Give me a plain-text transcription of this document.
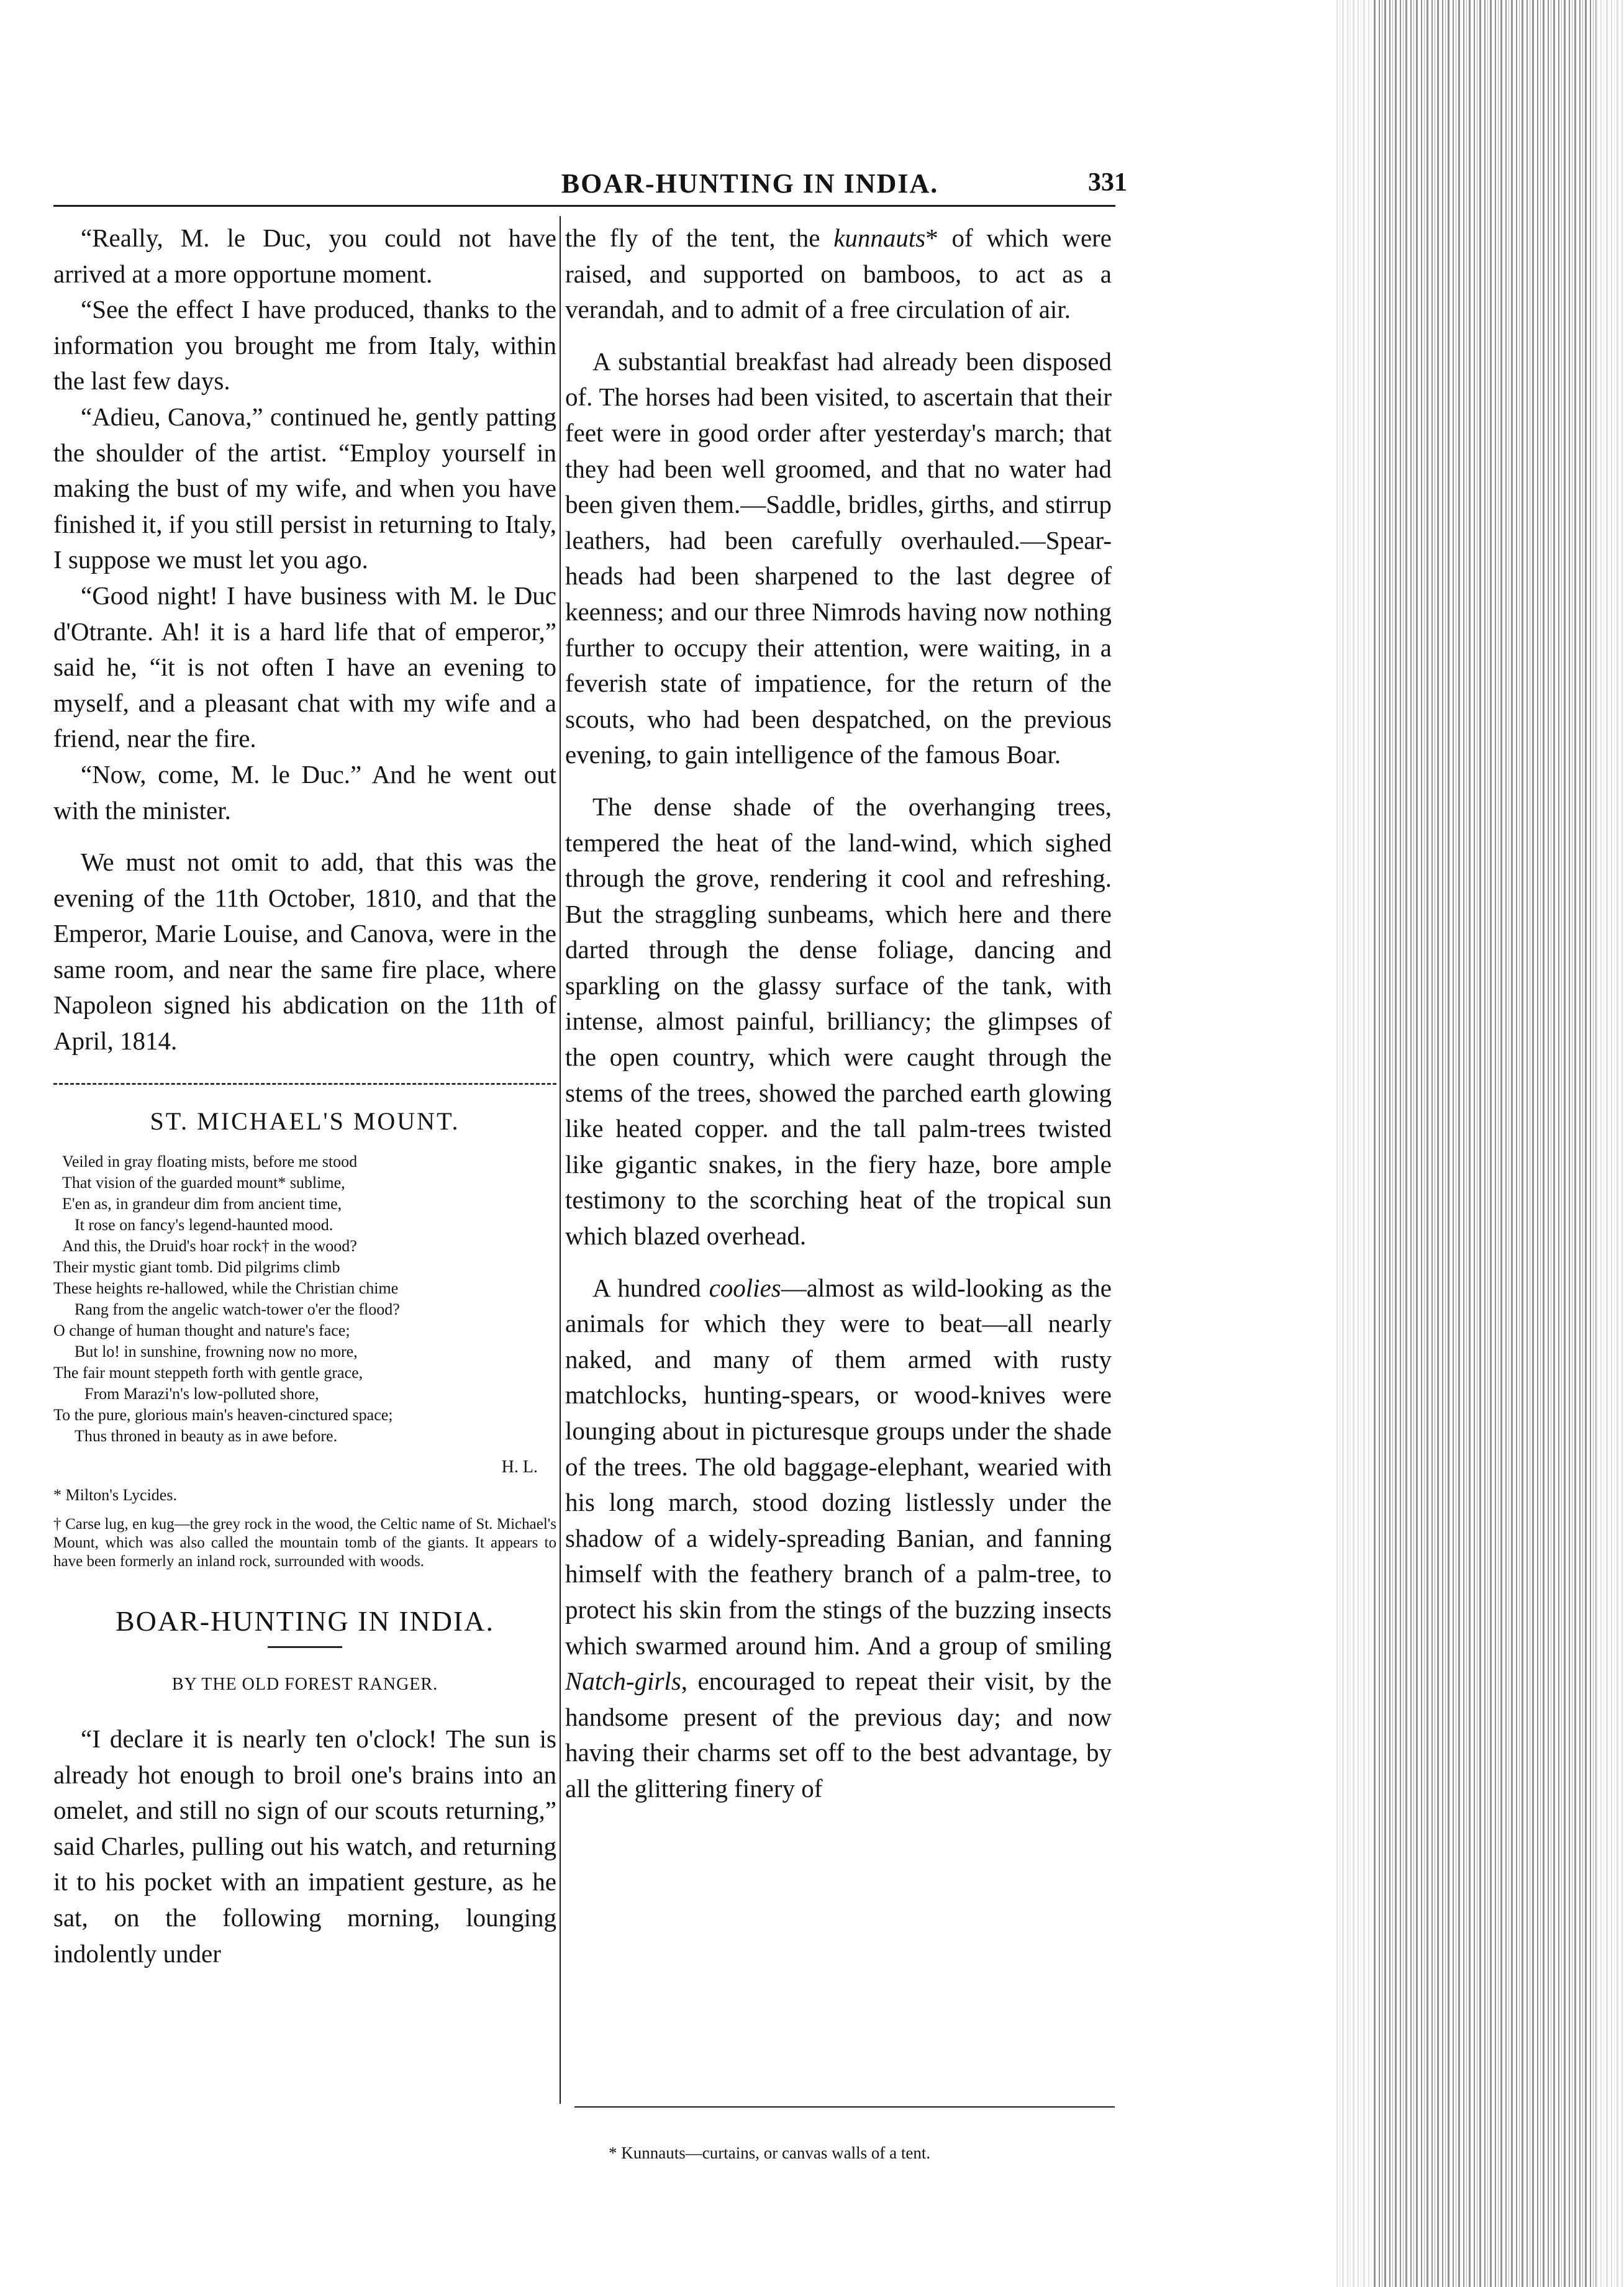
BOAR-HUNTING IN INDIA.	331

“Really, M. le Duc, you could not have arrived at a more opportune moment.

“See the effect I have produced, thanks to the information you brought me from Italy, within the last few days.

“Adieu, Canova,” continued he, gently patting the shoulder of the artist. “Employ yourself in making the bust of my wife, and when you have finished it, if you still persist in returning to Italy, I suppose we must let you ago.

“Good night! I have business with M. le Duc d'Otrante. Ah! it is a hard life that of emperor,” said he, “it is not often I have an evening to myself, and a pleasant chat with my wife and a friend, near the fire.

“Now, come, M. le Duc.” And he went out with the minister.

We must not omit to add, that this was the evening of the 11th October, 1810, and that the Emperor, Marie Louise, and Canova, were in the same room, and near the same fire place, where Napoleon signed his abdication on the 11th of April, 1814.

ST. MICHAEL'S MOUNT.
Veiled in gray floating mists, before me stood
That vision of the guarded mount* sublime,
E'en as, in grandeur dim from ancient time,
It rose on fancy's legend-haunted mood.
And this, the Druid's hoar rock† in the wood?
Their mystic giant tomb. Did pilgrims climb
These heights re-hallowed, while the Christian chime
Rang from the angelic watch-tower o'er the flood?
O change of human thought and nature's face;
But lo! in sunshine, frowning now no more,
The fair mount steppeth forth with gentle grace,
From Marazi'n's low-polluted shore,
To the pure, glorious main's heaven-cinctured space;
Thus throned in beauty as in awe before.
H. L.
* Milton's Lycides.
† Carse lug, en kug—the grey rock in the wood, the Celtic name of St. Michael's Mount, which was also called the mountain tomb of the giants. It appears to have been formerly an inland rock, surrounded with woods.
BOAR-HUNTING IN INDIA.
BY THE OLD FOREST RANGER.

“I declare it is nearly ten o'clock! The sun is already hot enough to broil one's brains into an omelet, and still no sign of our scouts returning,” said Charles, pulling out his watch, and returning it to his pocket with an impatient gesture, as he sat, on the following morning, lounging indolently under

the fly of the tent, the kunnauts* of which were raised, and supported on bamboos, to act as a verandah, and to admit of a free circulation of air.

A substantial breakfast had already been disposed of. The horses had been visited, to ascertain that their feet were in good order after yesterday's march; that they had been well groomed, and that no water had been given them.—Saddle, bridles, girths, and stirrup leathers, had been carefully overhauled.—Spear-heads had been sharpened to the last degree of keenness; and our three Nimrods having now nothing further to occupy their attention, were waiting, in a feverish state of impatience, for the return of the scouts, who had been despatched, on the previous evening, to gain intelligence of the famous Boar.

The dense shade of the overhanging trees, tempered the heat of the land-wind, which sighed through the grove, rendering it cool and refreshing. But the straggling sunbeams, which here and there darted through the dense foliage, dancing and sparkling on the glassy surface of the tank, with intense, almost painful, brilliancy; the glimpses of the open country, which were caught through the stems of the trees, showed the parched earth glowing like heated copper. and the tall palm-trees twisted like gigantic snakes, in the fiery haze, bore ample testimony to the scorching heat of the tropical sun which blazed overhead.

A hundred coolies—almost as wild-looking as the animals for which they were to beat—all nearly naked, and many of them armed with rusty matchlocks, hunting-spears, or wood-knives were lounging about in picturesque groups under the shade of the trees. The old baggage-elephant, wearied with his long march, stood dozing listlessly under the shadow of a widely-spreading Banian, and fanning himself with the feathery branch of a palm-tree, to protect his skin from the stings of the buzzing insects which swarmed around him. And a group of smiling Natch-girls, encouraged to repeat their visit, by the handsome present of the previous day; and now having their charms set off to the best advantage, by all the glittering finery of

* Kunnauts—curtains, or canvas walls of a tent.
